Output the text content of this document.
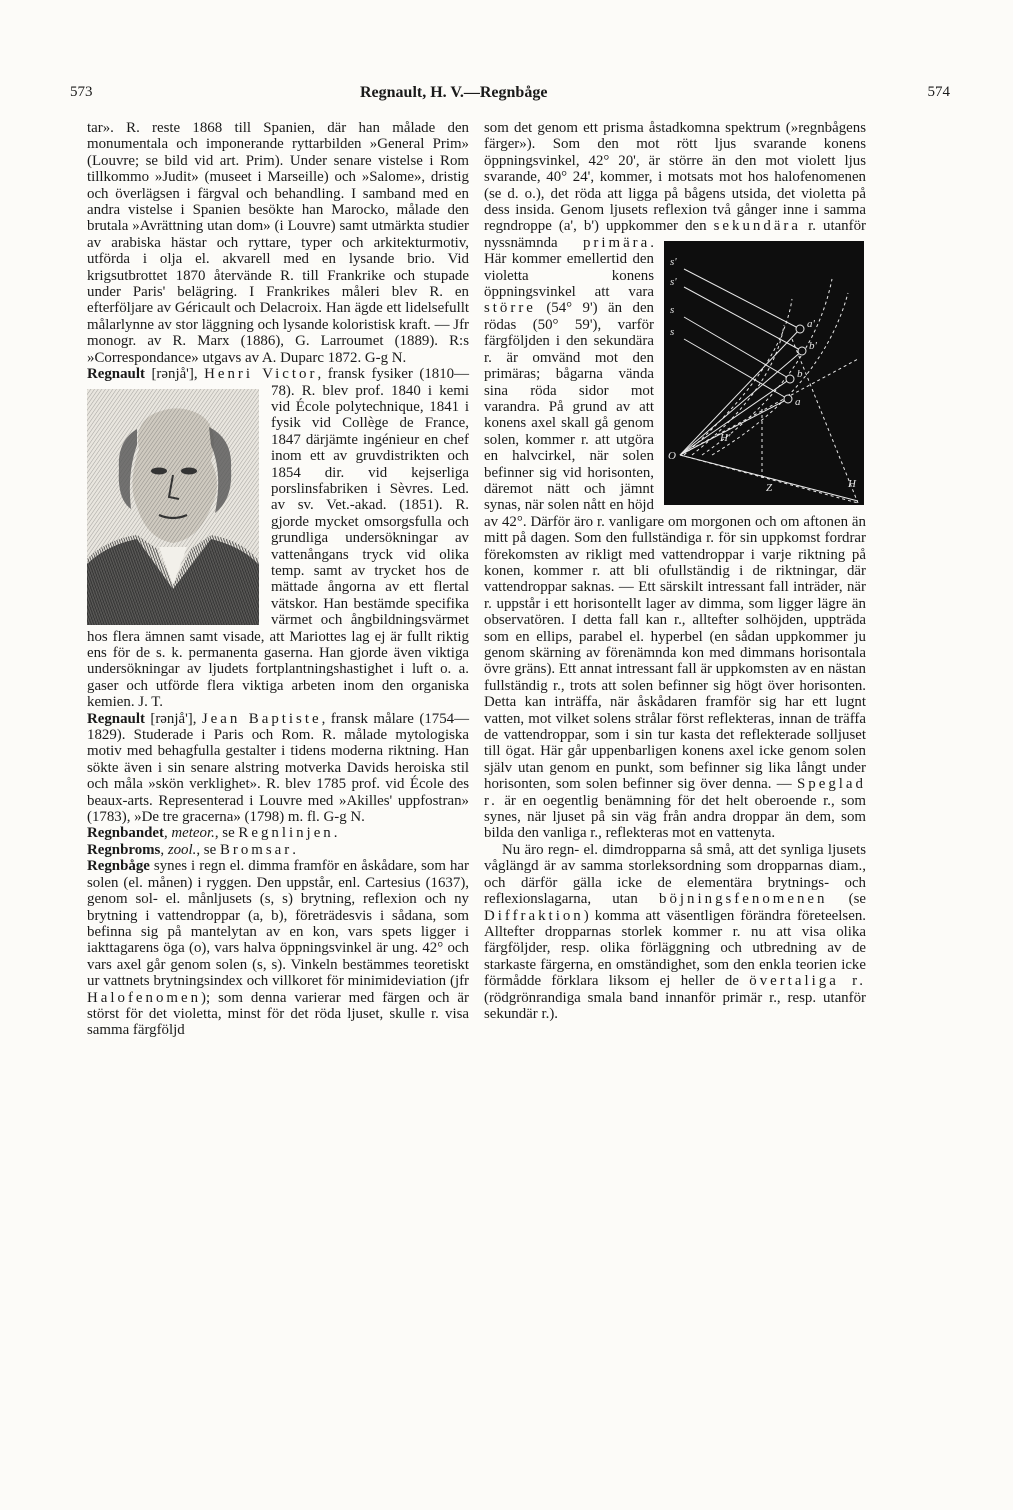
573	Regnault, H. V.—Regnbåge	574

tar». R. reste 1868 till Spanien, där han målade den monumentala och imponerande ryttarbilden »General Prim» (Louvre; se bild vid art. Prim). Under senare vistelse i Rom tillkommo »Judit» (museet i Marseille) och »Salome», dristig och överlägsen i färgval och behandling. I samband med en andra vistelse i Spanien besökte han Marocko, målade den brutala »Avrättning utan dom» (i Louvre) samt utmärkta studier av arabiska hästar och ryttare, typer och arkitekturmotiv, utförda i olja el. akvarell med en lysande brio. Vid krigsutbrottet 1870 återvände R. till Frankrike och stupade under Paris' belägring. I Frankrikes måleri blev R. en efterföljare av Géricault och Delacroix. Han ägde ett lidelsefullt målarlynne av stor läggning och lysande koloristisk kraft. — Jfr monogr. av R. Marx (1886), G. Larroumet (1889). R:s »Correspondance» utgavs av A. Duparc 1872. G-g N.

Regnault [rənjå'], Henri Victor
, fransk fysiker (1810—78). R. blev prof. 1840 i kemi vid École polytechnique, 1841 i fysik vid Collège de France, 1847 därjämte ingénieur en chef inom ett av gruvdistrikten och 1854 dir. vid kejserliga porslinsfabriken i Sèvres. Led. av sv. Vet.-akad. (1851). R. gjorde mycket omsorgsfulla och grundliga undersökningar av vattenångans tryck vid olika temp. samt av trycket hos de mättade ångorna av ett flertal vätskor. Han bestämde specifika värmet och ångbildningsvärmet hos flera ämnen samt visade, att Mariottes lag ej är fullt riktig ens för de s. k. permanenta gaserna. Han gjorde även viktiga undersökningar av ljudets fortplantningshastighet i luft o. a. gaser och utförde flera viktiga arbeten inom den organiska kemien. J. T.

Regnault [rənjå'], Jean Baptiste, fransk målare (1754—1829). Studerade i Paris och Rom. R. målade mytologiska motiv med behagfulla gestalter i tidens moderna riktning. Han sökte även i sin senare alstring motverka Davids heroiska stil och måla »skön verklighet». R. blev 1785 prof. vid École des beaux-arts. Representerad i Louvre med »Akilles' uppfostran» (1783), »De tre gracerna» (1798) m. fl. G-g N.

Regnbandet, meteor., se Regnlinjen.

Regnbroms, zool., se Bromsar.

Regnbåge synes i regn el. dimma framför en åskådare, som har solen (el. månen) i ryggen. Den uppstår, enl. Cartesius (1637), genom sol- el. månljusets (s, s) brytning, reflexion och ny brytning i vattendroppar (a, b), företrädesvis i sådana, som befinna sig på mantelytan av en kon, vars spets ligger i iakttagarens öga (o), vars halva öppningsvinkel är ung. 42° och vars axel går genom solen (s, s). Vinkeln bestämmes teoretiskt ur vattnets brytningsindex och villkoret för minimideviation (jfr Halofenomen); som denna varierar med färgen och är störst för det violetta, minst för det röda ljuset, skulle r. visa samma färgföljd

som det genom ett prisma åstadkomna spektrum (»regnbågens färger»). Som den mot rött ljus svarande konens öppningsvinkel, 42° 20', är större än den mot violett ljus svarande, 40° 24', kommer, i motsats mot hos halofenomenen (se d. o.), det röda att ligga på bågens utsida, det violetta på dess insida. Genom ljusets reflexion två gånger inne i samma regndroppe (a', b') uppkommer den
s'
s'
s
s
a'
b'
b
a
H'
O
Z	H
sekundära r. utanför nyssnämnda primära. Här kommer emellertid den violetta konens öppningsvinkel att vara större (54° 9') än den rödas (50° 59'), varför färgföljden i den sekundära r. är omvänd mot den primäras; bågarna vända sina röda sidor mot varandra. På grund av att konens axel skall gå genom solen, kommer r. att utgöra en halvcirkel, när solen befinner sig vid horisonten, däremot nätt och jämnt synas, när solen nått en höjd av 42°. Därför äro r. vanligare om morgonen och om aftonen än mitt på dagen. Som den fullständiga r. för sin uppkomst fordrar förekomsten av rikligt med vattendroppar i varje riktning på konen, kommer r. att bli ofullständig i de riktningar, där vattendroppar saknas. — Ett särskilt intressant fall inträder, när r. uppstår i ett horisontellt lager av dimma, som ligger lägre än observatören. I detta fall kan r., alltefter solhöjden, uppträda som en ellips, parabel el. hyperbel (en sådan uppkommer ju genom skärning av förenämnda kon med dimmans horisontala övre gräns). Ett annat intressant fall är uppkomsten av en nästan fullständig r., trots att solen befinner sig högt över horisonten. Detta kan inträffa, när åskådaren framför sig har ett lugnt vatten, mot vilket solens strålar först reflekteras, innan de träffa de vattendroppar, som i sin tur kasta det reflekterade solljuset till ögat. Här går uppenbarligen konens axel icke genom solen själv utan genom en punkt, som befinner sig lika långt under horisonten, som solen befinner sig över denna. — Speglad r. är en oegentlig benämning för det helt oberoende r., som synes, när ljuset på sin väg från andra droppar än dem, som bilda den vanliga r., reflekteras mot en vattenyta.

Nu äro regn- el. dimdropparna så små, att det synliga ljusets våglängd är av samma storleksordning som dropparnas diam., och därför gälla icke de elementära brytnings- och reflexionslagarna, utan böjningsfenomenen (se Diffraktion) komma att väsentligen förändra företeelsen. Alltefter dropparnas storlek kommer r. nu att visa olika färgföljder, resp. olika förläggning och utbredning av de starkaste färgerna, en omständighet, som den enkla teorien icke förmådde förklara liksom ej heller de övertaliga r. (rödgrönrandiga smala band innanför primär r., resp. utanför sekundär r.).
